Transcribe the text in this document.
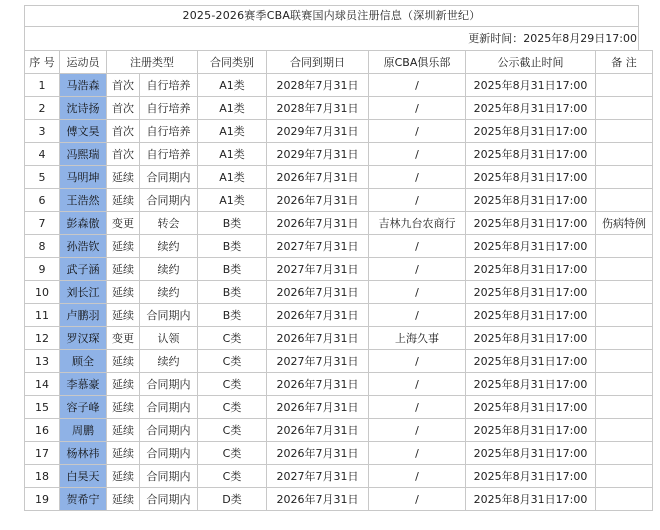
2025-2026赛季CBA联赛国内球员注册信息（深圳新世纪）
更新时间：2025年8月29日17:00
序 号	运动员	注册类型		合同类别	合同到期日	原CBA俱乐部	公示截止时间	备 注
1	马浩森	首次	自行培养	A1类	2028年7月31日	/	2025年8月31日17:00	
2	沈诗扬	首次	自行培养	A1类	2028年7月31日	/	2025年8月31日17:00	
3	傅文昊	首次	自行培养	A1类	2029年7月31日	/	2025年8月31日17:00	
4	冯熙瑞	首次	自行培养	A1类	2029年7月31日	/	2025年8月31日17:00	
5	马明坤	延续	合同期内	A1类	2026年7月31日	/	2025年8月31日17:00	
6	王浩然	延续	合同期内	A1类	2026年7月31日	/	2025年8月31日17:00	
7	彭森傲	变更	转会	B类	2026年7月31日	吉林九台农商行	2025年8月31日17:00	伤病特例
8	孙浩钦	延续	续约	B类	2027年7月31日	/	2025年8月31日17:00	
9	武子涵	延续	续约	B类	2027年7月31日	/	2025年8月31日17:00	
10	刘长江	延续	续约	B类	2026年7月31日	/	2025年8月31日17:00	
11	卢鹏羽	延续	合同期内	B类	2026年7月31日	/	2025年8月31日17:00	
12	罗汉琛	变更	认领	C类	2026年7月31日	上海久事	2025年8月31日17:00	
13	顾全	延续	续约	C类	2027年7月31日	/	2025年8月31日17:00	
14	李慕豪	延续	合同期内	C类	2026年7月31日	/	2025年8月31日17:00	
15	容子峰	延续	合同期内	C类	2026年7月31日	/	2025年8月31日17:00	
16	周鹏	延续	合同期内	C类	2026年7月31日	/	2025年8月31日17:00	
17	杨林祎	延续	合同期内	C类	2026年7月31日	/	2025年8月31日17:00	
18	白昊天	延续	合同期内	C类	2027年7月31日	/	2025年8月31日17:00	
19	贺希宁	延续	合同期内	D类	2026年7月31日	/	2025年8月31日17:00	
